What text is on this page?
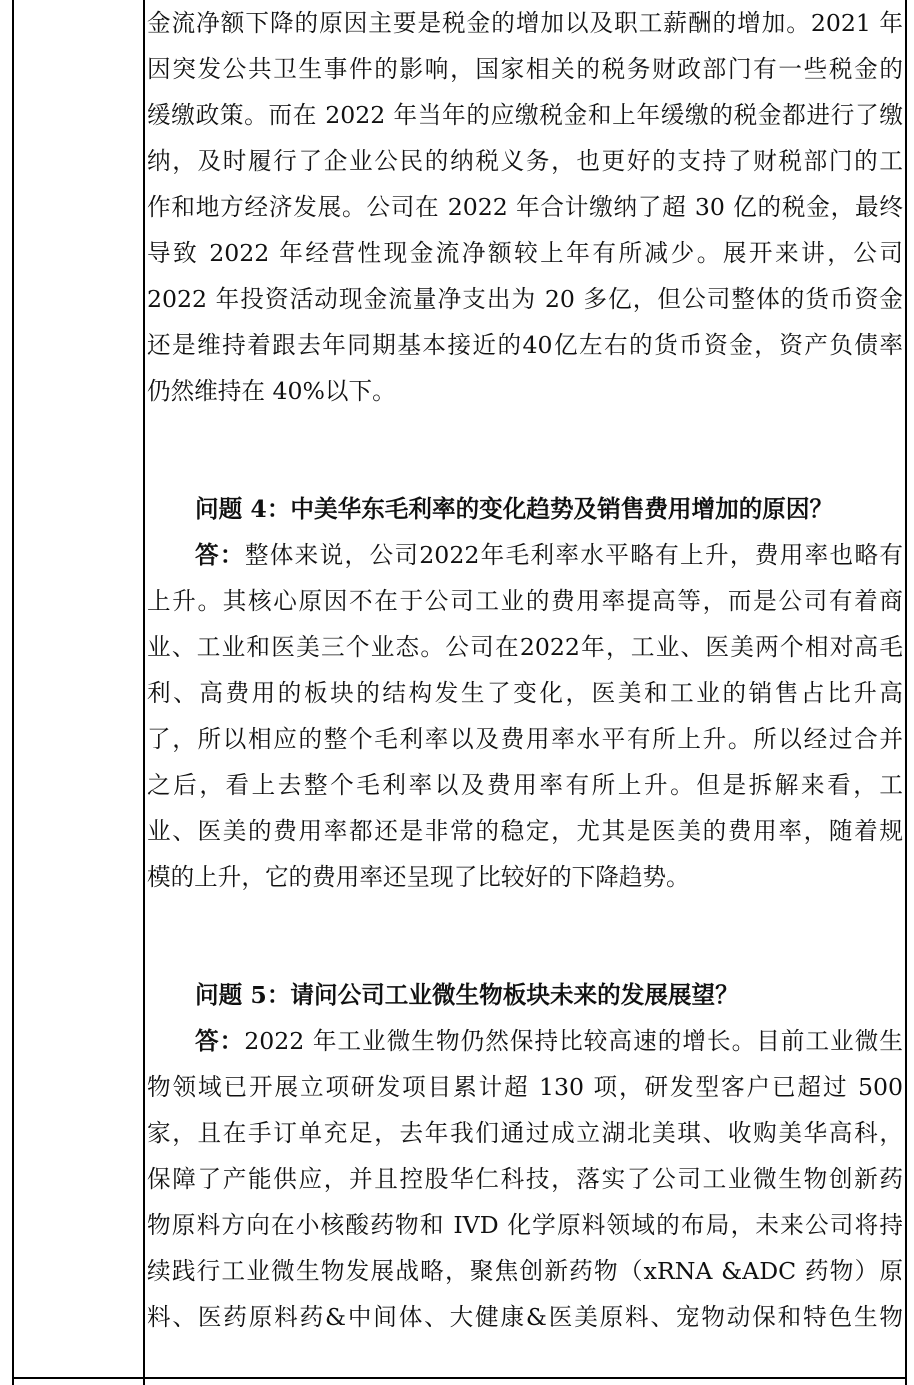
金流净额下降的原因主要是税金的增加以及职工薪酬的增加。2021 年
因突发公共卫生事件的影响，国家相关的税务财政部门有一些税金的
缓缴政策。而在 2022 年当年的应缴税金和上年缓缴的税金都进行了缴
纳，及时履行了企业公民的纳税义务，也更好的支持了财税部门的工
作和地方经济发展。公司在 2022 年合计缴纳了超 30 亿的税金，最终
导致 2022 年经营性现金流净额较上年有所减少。展开来讲，公司
2022 年投资活动现金流量净支出为 20 多亿，但公司整体的货币资金
还是维持着跟去年同期基本接近的40亿左右的货币资金，资产负债率
仍然维持在 40%以下。

问题 4：中美华东毛利率的变化趋势及销售费用增加的原因？

答：整体来说，公司2022年毛利率水平略有上升，费用率也略有
上升。其核心原因不在于公司工业的费用率提高等，而是公司有着商
业、工业和医美三个业态。公司在2022年，工业、医美两个相对高毛
利、高费用的板块的结构发生了变化，医美和工业的销售占比升高
了，所以相应的整个毛利率以及费用率水平有所上升。所以经过合并
之后，看上去整个毛利率以及费用率有所上升。但是拆解来看，工
业、医美的费用率都还是非常的稳定，尤其是医美的费用率，随着规
模的上升，它的费用率还呈现了比较好的下降趋势。

问题 5：请问公司工业微生物板块未来的发展展望？

答：2022 年工业微生物仍然保持比较高速的增长。目前工业微生
物领域已开展立项研发项目累计超 130 项，研发型客户已超过 500
家，且在手订单充足，去年我们通过成立湖北美琪、收购美华高科，
保障了产能供应，并且控股华仁科技，落实了公司工业微生物创新药
物原料方向在小核酸药物和 IVD 化学原料领域的布局，未来公司将持
续践行工业微生物发展战略，聚焦创新药物（xRNA &ADC 药物）原
料、医药原料药&中间体、大健康&医美原料、宠物动保和特色生物
